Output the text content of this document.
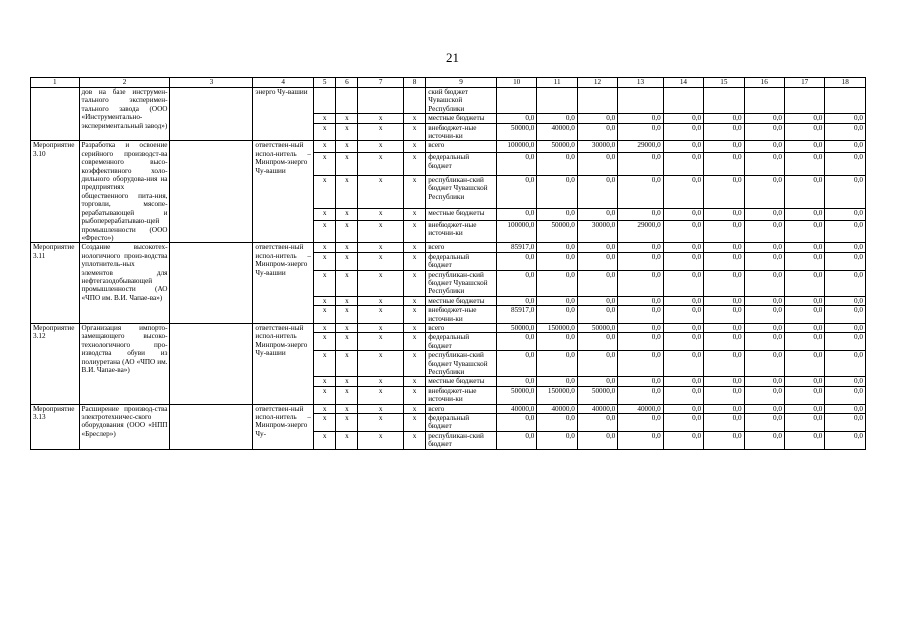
21
1	2	3	4	5	6	7	8	9	10	11	12	13	14	15	16	17	18
	дов на базе инструмен-тального эксперимен-тального завода (ООО «Инструментально-экспериментальный завод»)		энерго Чу-вашии					ский бюджет Чувашской Республики									
				x	x	x	x	местные бюджеты	0,0	0,0	0,0	0,0	0,0	0,0	0,0	0,0	0,0
				x	x	x	x	внебюджет-ные источни-ки	50000,0	40000,0	0,0	0,0	0,0	0,0	0,0	0,0	0,0
Мероприятие 3.10	Разработка и освоение серийного производст-ва современного высо-коэффективного холо-дильного оборудова-ния на предприятиях общественного пита-ния, торговли, мясопе-рерабатывающей и рыбоперерабатываю-щей промышленности (ООО «Фресто»)		ответствен-ный испол-нитель – Минпром-энерго Чу-вашии	x	x	x	x	всего	100000,0	50000,0	30000,0	29000,0	0,0	0,0	0,0	0,0	0,0
				x	x	x	x	федеральный бюджет	0,0	0,0	0,0	0,0	0,0	0,0	0,0	0,0	0,0
				x	x	x	x	республикан-ский бюджет Чувашской Республики	0,0	0,0	0,0	0,0	0,0	0,0	0,0	0,0	0,0
				x	x	x	x	местные бюджеты	0,0	0,0	0,0	0,0	0,0	0,0	0,0	0,0	0,0
				x	x	x	x	внебюджет-ные источни-ки	100000,0	50000,0	30000,0	29000,0	0,0	0,0	0,0	0,0	0,0
Мероприятие 3.11	Создание высокотех-нологичного произ-водства уплотнитель-ных элементов для нефтегазодобывающей промышленности (АО «ЧПО им. В.И. Чапае-ва»)		ответствен-ный испол-нитель – Минпром-энерго Чу-вашии	x	x	x	x	всего	85917,0	0,0	0,0	0,0	0,0	0,0	0,0	0,0	0,0
				x	x	x	x	федеральный бюджет	0,0	0,0	0,0	0,0	0,0	0,0	0,0	0,0	0,0
				x	x	x	x	республикан-ский бюджет Чувашской Республики	0,0	0,0	0,0	0,0	0,0	0,0	0,0	0,0	0,0
				x	x	x	x	местные бюджеты	0,0	0,0	0,0	0,0	0,0	0,0	0,0	0,0	0,0
				x	x	x	x	внебюджет-ные источни-ки	85917,0	0,0	0,0	0,0	0,0	0,0	0,0	0,0	0,0
Мероприятие 3.12	Организация импорто-замещающего высоко-технологичного про-изводства обуви из полиуретана (АО «ЧПО им. В.И. Чапае-ва»)		ответствен-ный испол-нитель Минпром-энерго Чу-вашии	x	x	x	x	всего	50000,0	150000,0	50000,0	0,0	0,0	0,0	0,0	0,0	0,0
				x	x	x	x	федеральный бюджет	0,0	0,0	0,0	0,0	0,0	0,0	0,0	0,0	0,0
				x	x	x	x	республикан-ский бюджет Чувашской Республики	0,0	0,0	0,0	0,0	0,0	0,0	0,0	0,0	0,0
				x	x	x	x	местные бюджеты	0,0	0,0	0,0	0,0	0,0	0,0	0,0	0,0	0,0
				x	x	x	x	внебюджет-ные источни-ки	50000,0	150000,0	50000,0	0,0	0,0	0,0	0,0	0,0	0,0
Мероприятие 3.13	Расширение производ-ства электротехничес-ского оборудования (ООО «НПП «Бреслер»)		ответствен-ный испол-нитель – Минпром-энерго Чу-	x	x	x	x	всего	40000,0	40000,0	40000,0	40000,0	0,0	0,0	0,0	0,0	0,0
				x	x	x	x	федеральный бюджет	0,0	0,0	0,0	0,0	0,0	0,0	0,0	0,0	0,0
				x	x	x	x	республикан-ский бюджет	0,0	0,0	0,0	0,0	0,0	0,0	0,0	0,0	0,0
